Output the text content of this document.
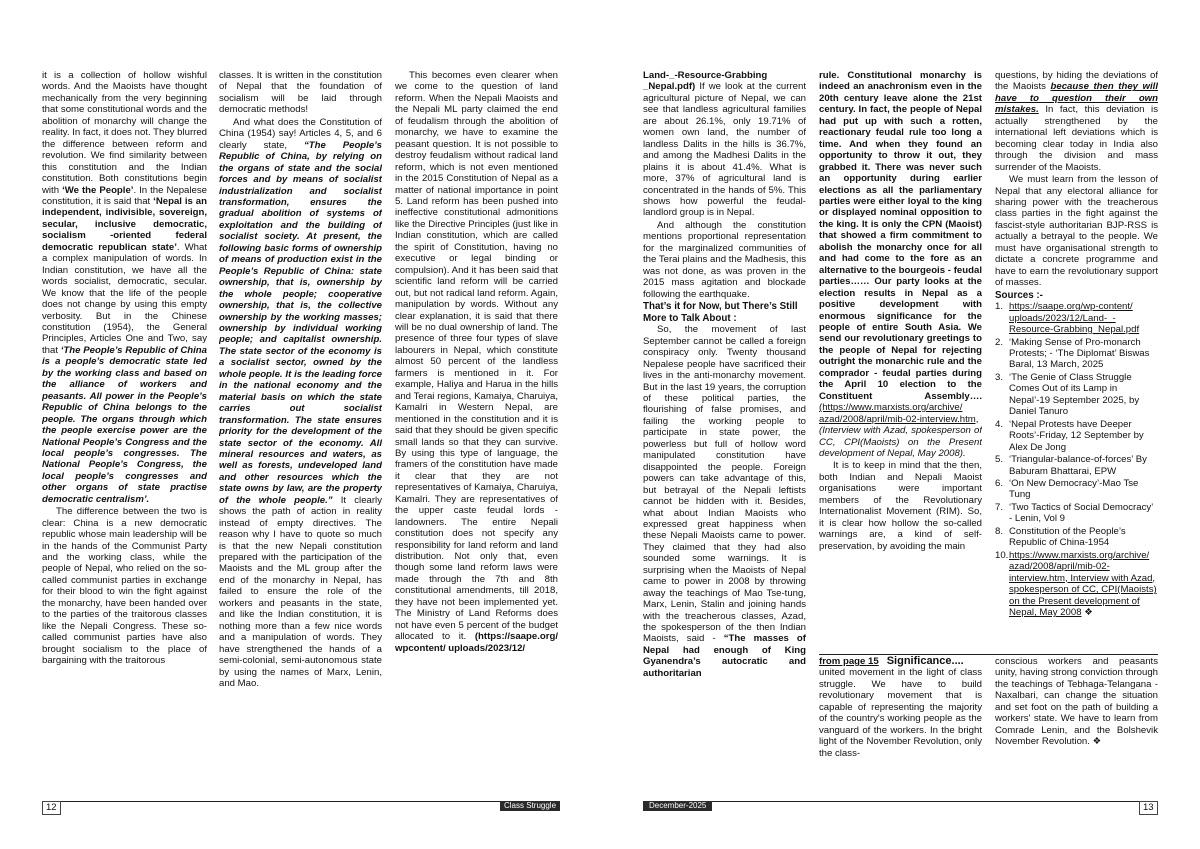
it is a collection of hollow wishful words. And the Maoists have thought mechanically from the very beginning that some constitutional words and the abolition of monarchy will change the reality. In fact, it does not. They blurred the difference between reform and revolution. We find similarity between this constitution and the Indian constitution. Both constitutions begin with ‘We the People’. In the Nepalese constitution, it is said that ‘Nepal is an independent, indivisible, sovereign, secular, inclusive democratic, socialism -oriented federal democratic republican state’. What a complex manipulation of words. In Indian constitution, we have all the words socialist, democratic, secular. We know that the life of the people does not change by using this empty verbosity. But in the Chinese constitution (1954), the General Principles, Articles One and Two, say that ‘The People’s Republic of China is a people’s democratic state led by the working class and based on the alliance of workers and peasants. All power in the People’s Republic of China belongs to the people. The organs through which the people exercise power are the National People’s Congress and the local people’s congresses. The National People’s Congress, the local people’s congresses and other organs of state practise democratic centralism’.

The difference between the two is clear: China is a new democratic republic whose main leadership will be in the hands of the Communist Party and the working class, while the people of Nepal, who relied on the so-called communist parties in exchange for their blood to win the fight against the monarchy, have been handed over to the parties of the traitorous classes like the Nepali Congress. These so-called communist parties have also brought socialism to the place of bargaining with the traitorous

classes. It is written in the constitution of Nepal that the foundation of socialism will be laid through democratic methods!

And what does the Constitution of China (1954) say! Articles 4, 5, and 6 clearly state, “The People’s Republic of China, by relying on the organs of state and the social forces and by means of socialist industrialization and socialist transformation, ensures the gradual abolition of systems of exploitation and the building of socialist society. At present, the following basic forms of ownership of means of production exist in the People’s Republic of China: state ownership, that is, ownership by the whole people; cooperative ownership, that is, the collective ownership by the working masses; ownership by individual working people; and capitalist ownership. The state sector of the economy is a socialist sector, owned by the whole people. It is the leading force in the national economy and the material basis on which the state carries out socialist transformation. The state ensures priority for the development of the state sector of the economy. All mineral resources and waters, as well as forests, undeveloped land and other resources which the state owns by law, are the property of the whole people.” It clearly shows the path of action in reality instead of empty directives. The reason why I have to quote so much is that the new Nepali constitution prepared with the participation of the Maoists and the ML group after the end of the monarchy in Nepal, has failed to ensure the role of the workers and peasants in the state, and like the Indian constitution, it is nothing more than a few nice words and a manipulation of words. They have strengthened the hands of a semi-colonial, semi-autonomous state by using the names of Marx, Lenin, and Mao.

This becomes even clearer when we come to the question of land reform. When the Nepali Maoists and the Nepali ML party claimed the end of feudalism through the abolition of monarchy, we have to examine the peasant question. It is not possible to destroy feudalism without radical land reform, which is not even mentioned in the 2015 Constitution of Nepal as a matter of national importance in point 5. Land reform has been pushed into ineffective constitutional admonitions like the Directive Principles (just like in Indian constitution, which are called the spirit of Constitution, having no executive or legal binding or compulsion). And it has been said that scientific land reform will be carried out, but not radical land reform. Again, manipulation by words. Without any clear explanation, it is said that there will be no dual ownership of land. The presence of three four types of slave labourers in Nepal, which constitute almost 50 percent of the landless farmers is mentioned in it. For example, Haliya and Harua in the hills and Terai regions, Kamaiya, Charuiya, Kamalri in Western Nepal, are mentioned in the constitution and it is said that they should be given specific small lands so that they can survive. By using this type of language, the framers of the constitution have made it clear that they are not representatives of Kamaiya, Charuiya, Kamalri. They are representatives of the upper caste feudal lords - landowners. The entire Nepali constitution does not specify any responsibility for land reform and land distribution. Not only that, even though some land reform laws were made through the 7th and 8th constitutional amendments, till 2018, they have not been implemented yet. The Ministry of Land Reforms does not have even 5 percent of the budget allocated to it. (https://saape.org/ wpcontent/ uploads/2023/12/

12	Class Struggle

Land-_-Resource-Grabbing _Nepal.pdf) If we look at the current agricultural picture of Nepal, we can see that landless agricultural families are about 26.1%, only 19.71% of women own land, the number of landless Dalits in the hills is 36.7%, and among the Madhesi Dalits in the plains it is about 41.4%. What is more, 37% of agricultural land is concentrated in the hands of 5%. This shows how powerful the feudal-landlord group is in Nepal.

And although the constitution mentions proportional representation for the marginalized communities of the Terai plains and the Madhesis, this was not done, as was proven in the 2015 mass agitation and blockade following the earthquake.

That’s it for Now, but There’s Still More to Talk About :

So, the movement of last September cannot be called a foreign conspiracy only. Twenty thousand Nepalese people have sacrificed their lives in the anti-monarchy movement. But in the last 19 years, the corruption of these political parties, the flourishing of false promises, and failing the working people to participate in state power, the powerless but full of hollow word manipulated constitution have disappointed the people. Foreign powers can take advantage of this, but betrayal of the Nepali leftists cannot be hidden with it. Besides, what about Indian Maoists who expressed great happiness when these Nepali Maoists came to power. They claimed that they had also sounded some warnings. It is surprising when the Maoists of Nepal came to power in 2008 by throwing away the teachings of Mao Tse-tung, Marx, Lenin, Stalin and joining hands with the treacherous classes, Azad, the spokesperson of the then Indian Maoists, said - “The masses of Nepal had enough of King Gyanendra’s autocratic and authoritarian

rule. Constitutional monarchy is indeed an anachronism even in the 20th century leave alone the 21st century. In fact, the people of Nepal had put up with such a rotten, reactionary feudal rule too long a time. And when they found an opportunity to throw it out, they grabbed it. There was never such an opportunity during earlier elections as all the parliamentary parties were either loyal to the king or displayed nominal opposition to the king. It is only the CPN (Maoist) that showed a firm commitment to abolish the monarchy once for all and had come to the fore as an alternative to the bourgeois - feudal parties…… Our party looks at the election results in Nepal as a positive development with enormous significance for the people of entire South Asia. We send our revolutionary greetings to the people of Nepal for rejecting outright the monarchic rule and the comprador - feudal parties during the April 10 election to the Constituent Assembly…. (https://www.marxists.org/archive/ azad/2008/april/mib-02-interview.htm, (Interview with Azad, spokesperson of CC, CPI(Maoists) on the Present development of Nepal, May 2008).

It is to keep in mind that the then, both Indian and Nepali Maoist organisations were important members of the Revolutionary Internationalist Movement (RIM). So, it is clear how hollow the so-called warnings are, a kind of self-preservation, by avoiding the main

questions, by hiding the deviations of the Maoists because then they will have to question their own mistakes. In fact, this deviation is actually strengthened by the international left deviations which is becoming clear today in India also through the division and mass surrender of the Maoists.

We must learn from the lesson of Nepal that any electoral alliance for sharing power with the treacherous class parties in the fight against the fascist-style authoritarian BJP-RSS is actually a betrayal to the people. We must have organisational strength to dictate a concrete programme and have to earn the revolutionary support of masses.

Sources :-
1. https://saape.org/wp-content/ uploads/2023/12/Land-_-Resource-Grabbing_Nepal.pdf
2. ‘Making Sense of Pro-monarch Protests; - ‘The Diplomat’ Biswas Baral, 13 March, 2025
3. ‘The Genie of Class Struggle Comes Out of its Lamp in Nepal’-19 September 2025, by Daniel Tanuro
4. ‘Nepal Protests have Deeper Roots’-Friday, 12 September by Alex De Jong
5. ‘Triangular-balance-of-forces’ By Baburam Bhattarai, EPW
6. ‘On New Democracy’-Mao Tse Tung
7. ‘Two Tactics of Social Democracy’ - Lenin, Vol 9
8. Constitution of the People’s Republic of China-1954
10. https://www.marxists.org/archive/ azad/2008/april/mib-02-interview.htm, Interview with Azad, spokesperson of CC, CPI(Maoists) on the Present development of Nepal, May 2008 ❖
from page 15 Significance....
united movement in the light of class struggle. We have to build revolutionary movement that is capable of representing the majority of the country's working people as the vanguard of the workers. In the bright light of the November Revolution, only the class-
conscious workers and peasants unity, having strong conviction through the teachings of Tebhaga-Telangana -Naxalbari, can change the situation and set foot on the path of building a workers' state. We have to learn from Comrade Lenin, and the Bolshevik November Revolution. ❖
December-2025	13
